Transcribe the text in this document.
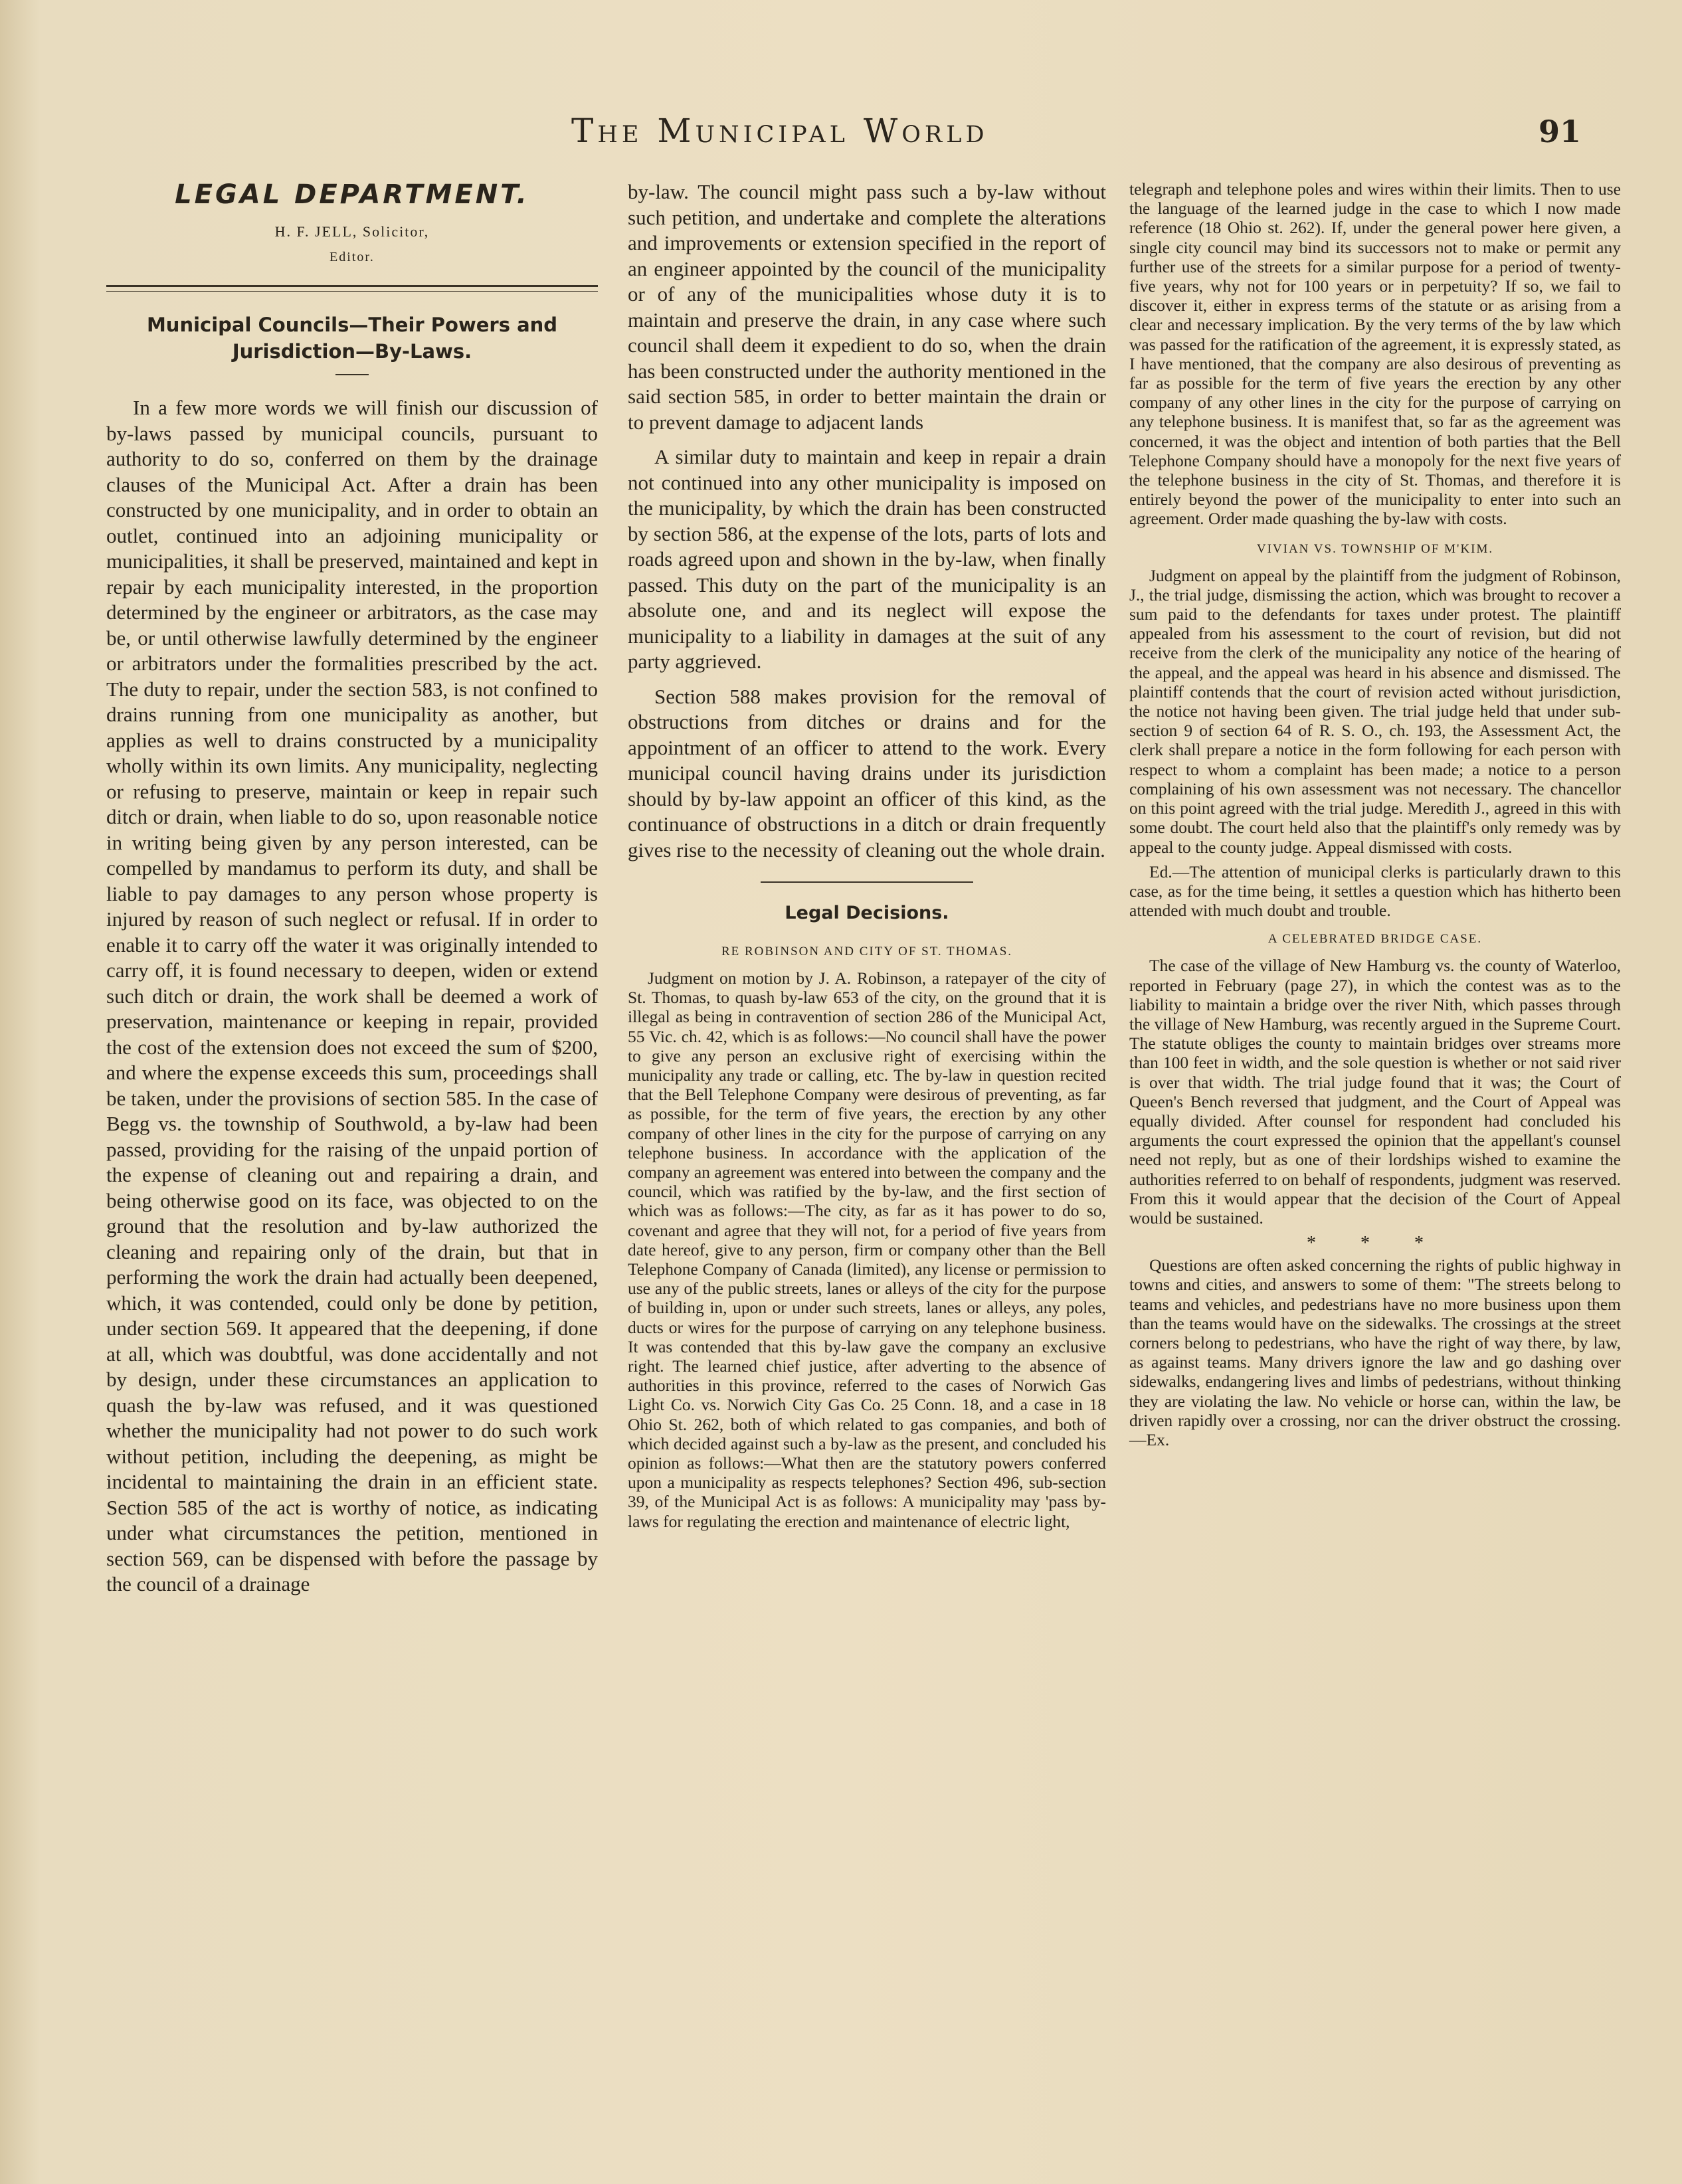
The Municipal World	91
LEGAL DEPARTMENT.
H. F. JELL, Solicitor,
Editor.
Municipal Councils—Their Powers and Jurisdiction—By-Laws.

In a few more words we will finish our discussion of by-laws passed by municipal councils, pursuant to authority to do so, conferred on them by the drainage clauses of the Municipal Act. After a drain has been constructed by one municipality, and in order to obtain an outlet, continued into an adjoining municipality or municipalities, it shall be preserved, maintained and kept in repair by each municipality interested, in the proportion determined by the engineer or arbitrators, as the case may be, or until otherwise lawfully determined by the engineer or arbitrators under the formalities prescribed by the act. The duty to repair, under the section 583, is not confined to drains running from one municipality as another, but applies as well to drains constructed by a municipality wholly within its own limits. Any municipality, neglecting or refusing to preserve, maintain or keep in repair such ditch or drain, when liable to do so, upon reasonable notice in writing being given by any person interested, can be compelled by mandamus to perform its duty, and shall be liable to pay damages to any person whose property is injured by reason of such neglect or refusal. If in order to enable it to carry off the water it was originally intended to carry off, it is found necessary to deepen, widen or extend such ditch or drain, the work shall be deemed a work of preservation, maintenance or keeping in repair, provided the cost of the extension does not exceed the sum of $200, and where the expense exceeds this sum, proceedings shall be taken, under the provisions of section 585. In the case of Begg vs. the township of Southwold, a by-law had been passed, providing for the raising of the unpaid portion of the expense of cleaning out and repairing a drain, and being otherwise good on its face, was objected to on the ground that the resolution and by-law authorized the cleaning and repairing only of the drain, but that in performing the work the drain had actually been deepened, which, it was contended, could only be done by petition, under section 569. It appeared that the deepening, if done at all, which was doubtful, was done accidentally and not by design, under these circumstances an application to quash the by-law was refused, and it was questioned whether the municipality had not power to do such work without petition, including the deepening, as might be incidental to maintaining the drain in an efficient state. Section 585 of the act is worthy of notice, as indicating under what circumstances the petition, mentioned in section 569, can be dispensed with before the passage by the council of a drainage

by-law. The council might pass such a by-law without such petition, and undertake and complete the alterations and improvements or extension specified in the report of an engineer appointed by the council of the municipality or of any of the municipalities whose duty it is to maintain and preserve the drain, in any case where such council shall deem it expedient to do so, when the drain has been constructed under the authority mentioned in the said section 585, in order to better maintain the drain or to prevent damage to adjacent lands

A similar duty to maintain and keep in repair a drain not continued into any other municipality is imposed on the municipality, by which the drain has been constructed by section 586, at the expense of the lots, parts of lots and roads agreed upon and shown in the by-law, when finally passed. This duty on the part of the municipality is an absolute one, and and its neglect will expose the municipality to a liability in damages at the suit of any party aggrieved.

Section 588 makes provision for the removal of obstructions from ditches or drains and for the appointment of an officer to attend to the work. Every municipal council having drains under its jurisdiction should by by-law appoint an officer of this kind, as the continuance of obstructions in a ditch or drain frequently gives rise to the necessity of cleaning out the whole drain.

Legal Decisions.
RE ROBINSON AND CITY OF ST. THOMAS.

Judgment on motion by J. A. Robinson, a ratepayer of the city of St. Thomas, to quash by-law 653 of the city, on the ground that it is illegal as being in contravention of section 286 of the Municipal Act, 55 Vic. ch. 42, which is as follows:—No council shall have the power to give any person an exclusive right of exercising within the municipality any trade or calling, etc. The by-law in question recited that the Bell Telephone Company were desirous of preventing, as far as possible, for the term of five years, the erection by any other company of other lines in the city for the purpose of carrying on any telephone business. In accordance with the application of the company an agreement was entered into between the company and the council, which was ratified by the by-law, and the first section of which was as follows:—The city, as far as it has power to do so, covenant and agree that they will not, for a period of five years from date hereof, give to any person, firm or company other than the Bell Telephone Company of Canada (limited), any license or permission to use any of the public streets, lanes or alleys of the city for the purpose of building in, upon or under such streets, lanes or alleys, any poles, ducts or wires for the purpose of carrying on any telephone business. It was contended that this by-law gave the company an exclusive right. The learned chief justice, after adverting to the absence of authorities in this province, referred to the cases of Norwich Gas Light Co. vs. Norwich City Gas Co. 25 Conn. 18, and a case in 18 Ohio St. 262, both of which related to gas companies, and both of which decided against such a by-law as the present, and concluded his opinion as follows:—What then are the statutory powers conferred upon a municipality as respects telephones? Section 496, sub-section 39, of the Municipal Act is as follows: A municipality may 'pass by-laws for regulating the erection and maintenance of electric light,

telegraph and telephone poles and wires within their limits. Then to use the language of the learned judge in the case to which I now made reference (18 Ohio st. 262). If, under the general power here given, a single city council may bind its successors not to make or permit any further use of the streets for a similar purpose for a period of twenty-five years, why not for 100 years or in perpetuity? If so, we fail to discover it, either in express terms of the statute or as arising from a clear and necessary implication. By the very terms of the by law which was passed for the ratification of the agreement, it is expressly stated, as I have mentioned, that the company are also desirous of preventing as far as possible for the term of five years the erection by any other company of any other lines in the city for the purpose of carrying on any telephone business. It is manifest that, so far as the agreement was concerned, it was the object and intention of both parties that the Bell Telephone Company should have a monopoly for the next five years of the telephone business in the city of St. Thomas, and therefore it is entirely beyond the power of the municipality to enter into such an agreement. Order made quashing the by-law with costs.

VIVIAN VS. TOWNSHIP OF M'KIM.

Judgment on appeal by the plaintiff from the judgment of Robinson, J., the trial judge, dismissing the action, which was brought to recover a sum paid to the defendants for taxes under protest. The plaintiff appealed from his assessment to the court of revision, but did not receive from the clerk of the municipality any notice of the hearing of the appeal, and the appeal was heard in his absence and dismissed. The plaintiff contends that the court of revision acted without jurisdiction, the notice not having been given. The trial judge held that under sub-section 9 of section 64 of R. S. O., ch. 193, the Assessment Act, the clerk shall prepare a notice in the form following for each person with respect to whom a complaint has been made; a notice to a person complaining of his own assessment was not necessary. The chancellor on this point agreed with the trial judge. Meredith J., agreed in this with some doubt. The court held also that the plaintiff's only remedy was by appeal to the county judge. Appeal dismissed with costs.

Ed.—The attention of municipal clerks is particularly drawn to this case, as for the time being, it settles a question which has hitherto been attended with much doubt and trouble.

A CELEBRATED BRIDGE CASE.

The case of the village of New Hamburg vs. the county of Waterloo, reported in February (page 27), in which the contest was as to the liability to maintain a bridge over the river Nith, which passes through the village of New Hamburg, was recently argued in the Supreme Court. The statute obliges the county to maintain bridges over streams more than 100 feet in width, and the sole question is whether or not said river is over that width. The trial judge found that it was; the Court of Queen's Bench reversed that judgment, and the Court of Appeal was equally divided. After counsel for respondent had concluded his arguments the court expressed the opinion that the appellant's counsel need not reply, but as one of their lordships wished to examine the authorities referred to on behalf of respondents, judgment was reserved. From this it would appear that the decision of the Court of Appeal would be sustained.

* * *

Questions are often asked concerning the rights of public highway in towns and cities, and answers to some of them: "The streets belong to teams and vehicles, and pedestrians have no more business upon them than the teams would have on the sidewalks. The crossings at the street corners belong to pedestrians, who have the right of way there, by law, as against teams. Many drivers ignore the law and go dashing over sidewalks, endangering lives and limbs of pedestrians, without thinking they are violating the law. No vehicle or horse can, within the law, be driven rapidly over a crossing, nor can the driver obstruct the crossing.—Ex.
